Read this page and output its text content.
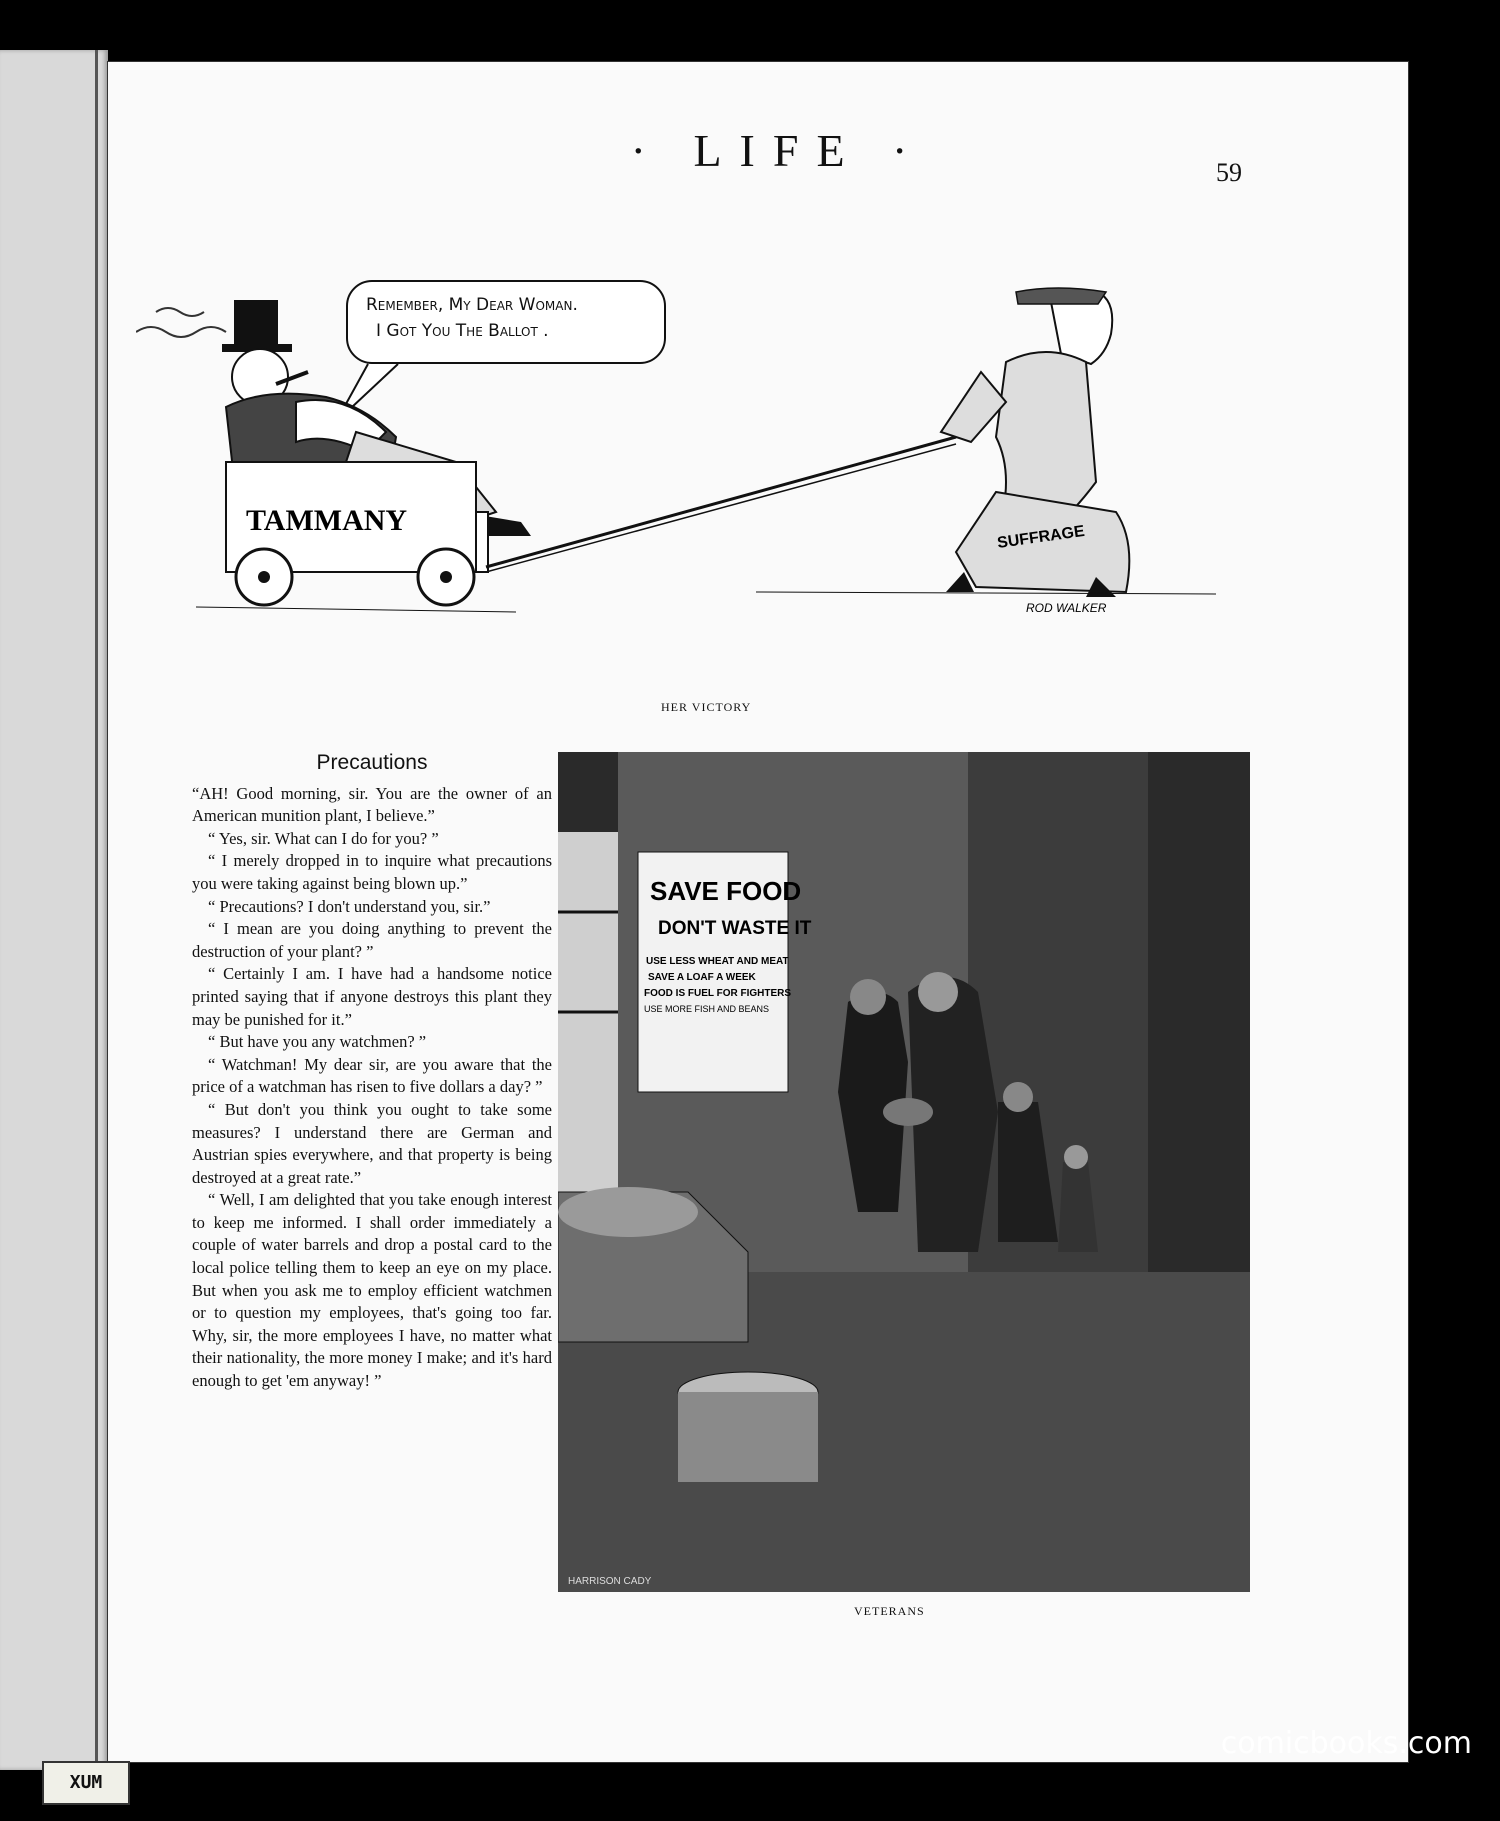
· LIFE ·	59
Remember, My Dear Woman.
I Got You The Ballot .
TAMMANY
SUFFRAGE
ROD WALKER
HER VICTORY
Precautions

“AH! Good morning, sir. You are the owner of an American munition plant, I believe.”

“ Yes, sir. What can I do for you? ”

“ I merely dropped in to inquire what precautions you were taking against being blown up.”

“ Precautions? I don't understand you, sir.”

“ I mean are you doing anything to prevent the destruction of your plant? ”

“ Certainly I am. I have had a handsome notice printed saying that if anyone destroys this plant they may be punished for it.”

“ But have you any watchmen? ”

“ Watchman! My dear sir, are you aware that the price of a watchman has risen to five dollars a day? ”

“ But don't you think you ought to take some measures? I understand there are German and Austrian spies everywhere, and that property is being destroyed at a great rate.”

“ Well, I am delighted that you take enough interest to keep me informed. I shall order immediately a couple of water barrels and drop a postal card to the local police telling them to keep an eye on my place. But when you ask me to employ efficient watchmen or to question my employees, that's going too far. Why, sir, the more employees I have, no matter what their nationality, the more money I make; and it's hard enough to get 'em anyway! ”

SAVE FOOD
DON'T WASTE IT
USE LESS WHEAT AND MEAT
SAVE A LOAF A WEEK
FOOD IS FUEL FOR FIGHTERS
USE MORE FISH AND BEANS
HARRISON CADY
VETERANS
comicbooks.com
XUM
